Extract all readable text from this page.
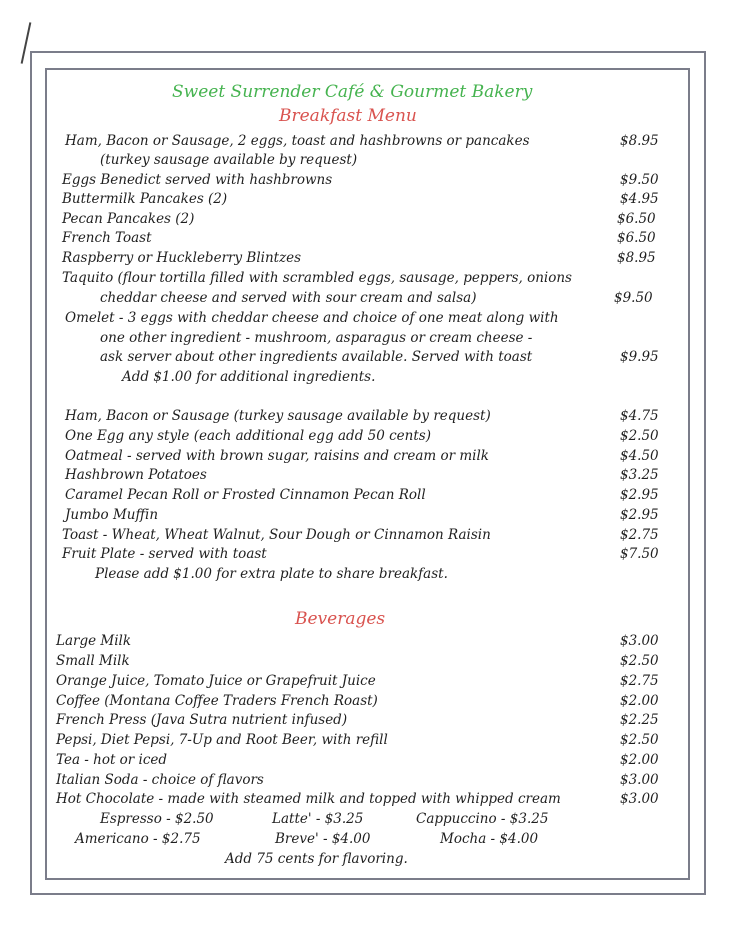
Sweet Surrender Café & Gourmet Bakery
Breakfast Menu
Ham, Bacon or Sausage, 2 eggs, toast and hashbrowns or pancakes	$8.95
(turkey sausage available by request)
Eggs Benedict served with hashbrowns	$9.50
Buttermilk Pancakes (2)	$4.95
Pecan Pancakes (2)	$6.50
French Toast	$6.50
Raspberry or Huckleberry Blintzes	$8.95
Taquito (flour tortilla filled with scrambled eggs, sausage, peppers, onions
cheddar cheese and served with sour cream and salsa)	$9.50
Omelet - 3 eggs with cheddar cheese and choice of one meat along with
one other ingredient - mushroom, asparagus or cream cheese -
ask server about other ingredients available. Served with toast	$9.95
Add $1.00 for additional ingredients.
Ham, Bacon or Sausage (turkey sausage available by request)	$4.75
One Egg any style (each additional egg add 50 cents)	$2.50
Oatmeal - served with brown sugar, raisins and cream or milk	$4.50
Hashbrown Potatoes	$3.25
Caramel Pecan Roll or Frosted Cinnamon Pecan Roll	$2.95
Jumbo Muffin	$2.95
Toast - Wheat, Wheat Walnut, Sour Dough or Cinnamon Raisin	$2.75
Fruit Plate - served with toast	$7.50
Please add $1.00 for extra plate to share breakfast.
Beverages
Large Milk	$3.00
Small Milk	$2.50
Orange Juice, Tomato Juice or Grapefruit Juice	$2.75
Coffee (Montana Coffee Traders French Roast)	$2.00
French Press (Java Sutra nutrient infused)	$2.25
Pepsi, Diet Pepsi, 7-Up and Root Beer, with refill	$2.50
Tea - hot or iced	$2.00
Italian Soda - choice of flavors	$3.00
Hot Chocolate - made with steamed milk and topped with whipped cream	$3.00
Espresso - $2.50	Latte' - $3.25	Cappuccino - $3.25
Americano - $2.75	Breve' - $4.00	Mocha - $4.00
Add 75 cents for flavoring.
